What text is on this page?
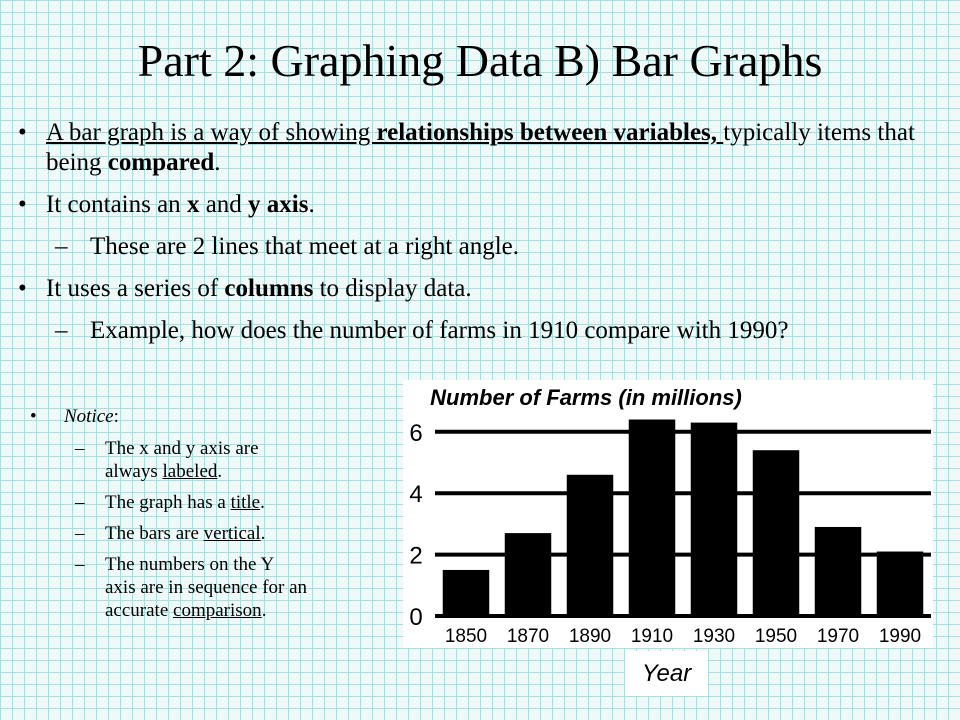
Part 2: Graphing Data B) Bar Graphs
• A bar graph is a way of showing relationships between variables, typically items that being compared.
• It contains an x and y axis.
– These are 2 lines that meet at a right angle.
• It uses a series of columns to display data.
– Example, how does the number of farms in 1910 compare with 1990?
• Notice:
– The x and y axis are
always labeled.
– The graph has a title.
– The bars are vertical.
– The numbers on the Y
axis are in sequence for an
accurate comparison.
Number of Farms (in millions)
0
2
4
6
1850 1870 1890 1910 1930 1950 1970 1990
Year
